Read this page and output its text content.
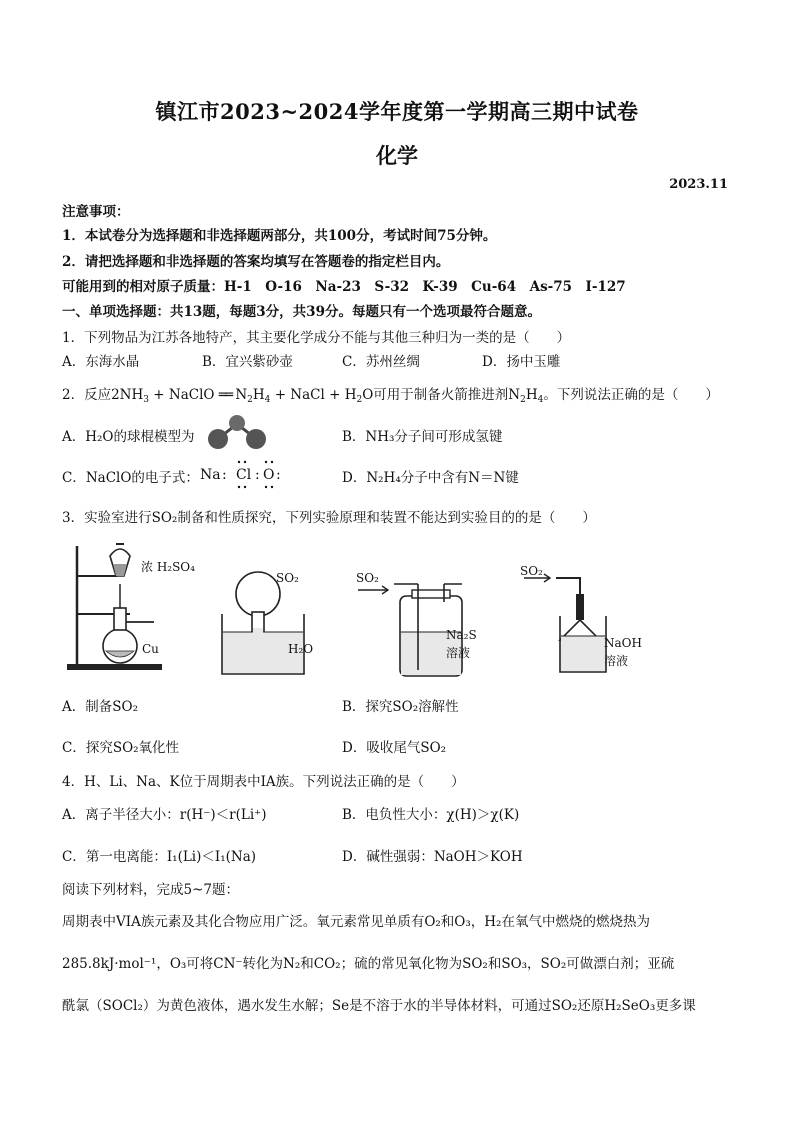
镇江市2023~2024学年度第一学期高三期中试卷
化学
2023.11
注意事项：
1．本试卷分为选择题和非选择题两部分，共100分，考试时间75分钟。
2．请把选择题和非选择题的答案均填写在答题卷的指定栏目内。
可能用到的相对原子质量：H-1　O-16　Na-23　S-32　K-39　Cu-64　As-75　I-127
一、单项选择题：共13题，每题3分，共39分。每题只有一个选项最符合题意。
1．下列物品为江苏各地特产，其主要化学成分不能与其他三种归为一类的是（　　）
A．东海水晶	B．宜兴紫砂壶	C．苏州丝绸	D．扬中玉雕
2．反应$2NH_3$ + NaClO ══ $N_2H_4$ + NaCl + $H_2O$可用于制备火箭推进剂$N_2H_4$。下列说法正确的是（　　）
A．H₂O的球棍模型为	B．NH₃分子间可形成氢键
C．NaClO的电子式： Na : Cl : O :	D．N₂H₄分子中含有N＝N键
3．实验室进行SO₂制备和性质探究，下列实验原理和装置不能达到实验目的的是（　　）
浓 H₂SO₄
Cu
SO₂
H₂O
SO₂
Na₂S
溶液
SO₂
NaOH
溶液
A．制备SO₂	B．探究SO₂溶解性
C．探究SO₂氧化性	D．吸收尾气SO₂
4．H、Li、Na、K位于周期表中ⅠA族。下列说法正确的是（　　）
A．离子半径大小：r(H⁻)＜r(Li⁺)	B．电负性大小：χ(H)＞χ(K)
C．第一电离能：I₁(Li)＜I₁(Na)	D．碱性强弱：NaOH＞KOH
阅读下列材料，完成5~7题：
周期表中VIA族元素及其化合物应用广泛。氧元素常见单质有O₂和O₃，H₂在氧气中燃烧的燃烧热为
285.8kJ·mol⁻¹，O₃可将CN⁻转化为N₂和CO₂；硫的常见氧化物为SO₂和SO₃，SO₂可做漂白剂；亚硫
酰氯（SOCl₂）为黄色液体，遇水发生水解；Se是不溶于水的半导体材料，可通过SO₂还原H₂SeO₃更多课
